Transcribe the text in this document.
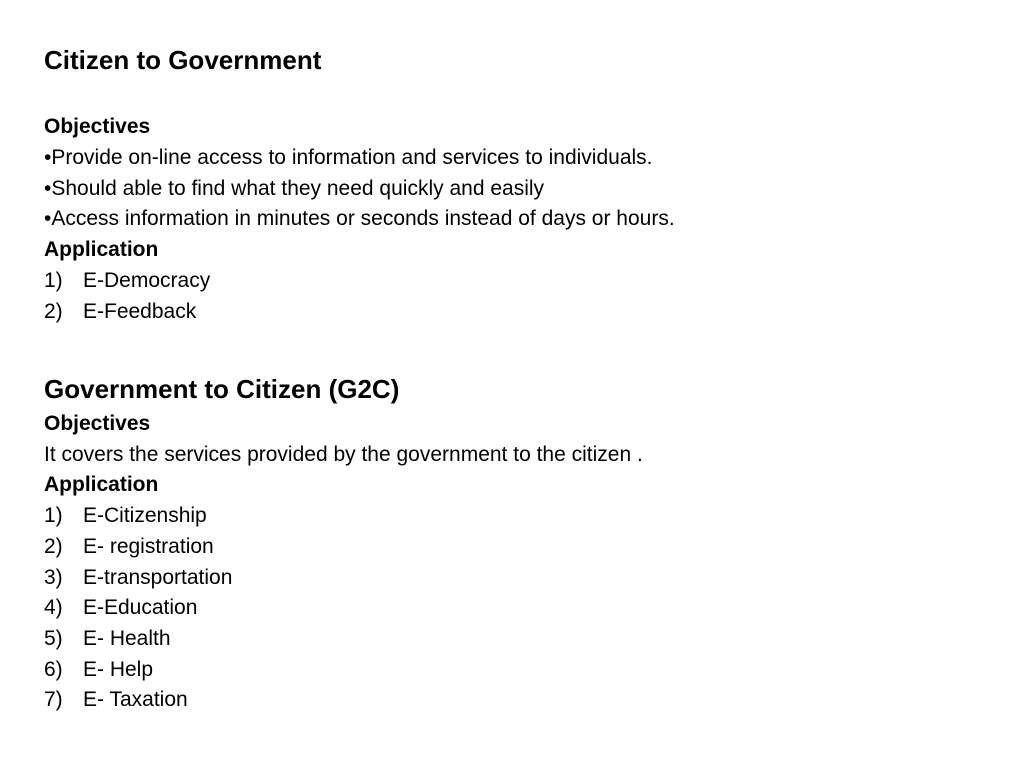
Citizen to Government
Objectives
•Provide on-line access to information and services to individuals.
•Should able to find what they need quickly and easily
•Access information in minutes or seconds instead of days or hours.
Application
1) E-Democracy
2) E-Feedback
Government to Citizen (G2C)
Objectives
It covers the services provided by the government to the citizen .
Application
1) E-Citizenship
2) E- registration
3) E-transportation
4) E-Education
5) E- Health
6) E- Help
7) E- Taxation
